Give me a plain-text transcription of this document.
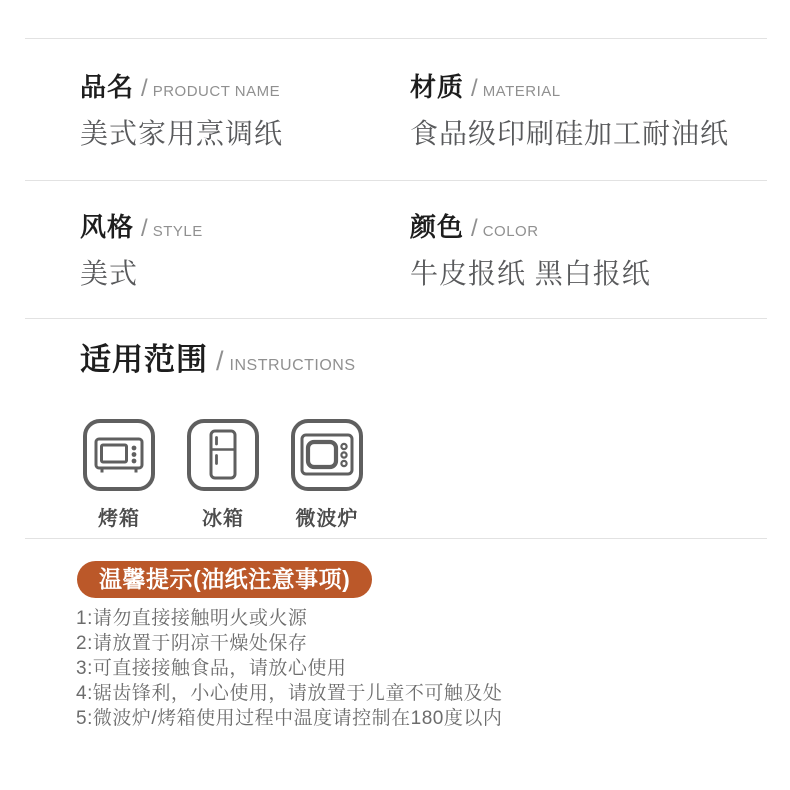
品名 / PRODUCT NAME
美式家用烹调纸
材质 / MATERIAL
食品级印刷硅加工耐油纸
风格 / STYLE
美式
颜色 / COLOR
牛皮报纸 黑白报纸
适用范围 / INSTRUCTIONS
烤箱	冰箱	微波炉
温馨提示(油纸注意事项)
1:请勿直接接触明火或火源
2:请放置于阴凉干燥处保存
3:可直接接触食品，请放心使用
4:锯齿锋利，小心使用，请放置于儿童不可触及处
5:微波炉/烤箱使用过程中温度请控制在180度以内
